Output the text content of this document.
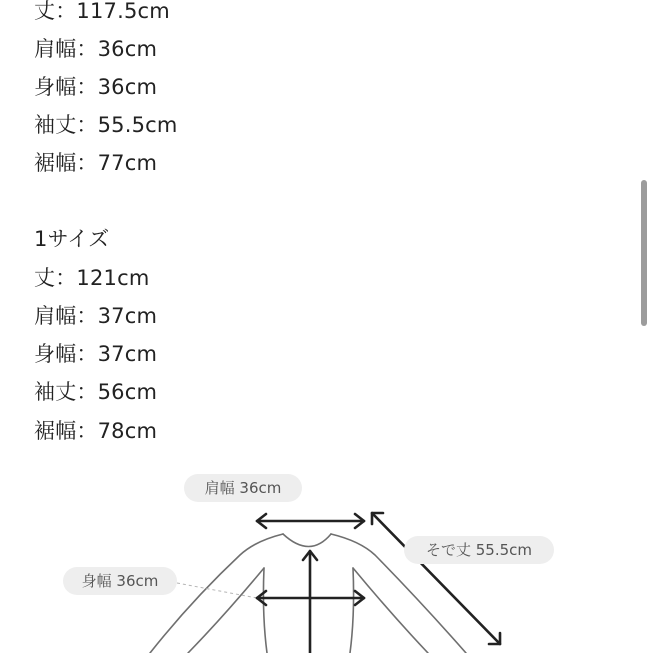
丈：117.5cm
肩幅：36cm
身幅：36cm
袖丈：55.5cm
裾幅：77cm
1サイズ
丈：121cm
肩幅：37cm
身幅：37cm
袖丈：56cm
裾幅：78cm
肩幅 36cm
そで丈 55.5cm
身幅 36cm
